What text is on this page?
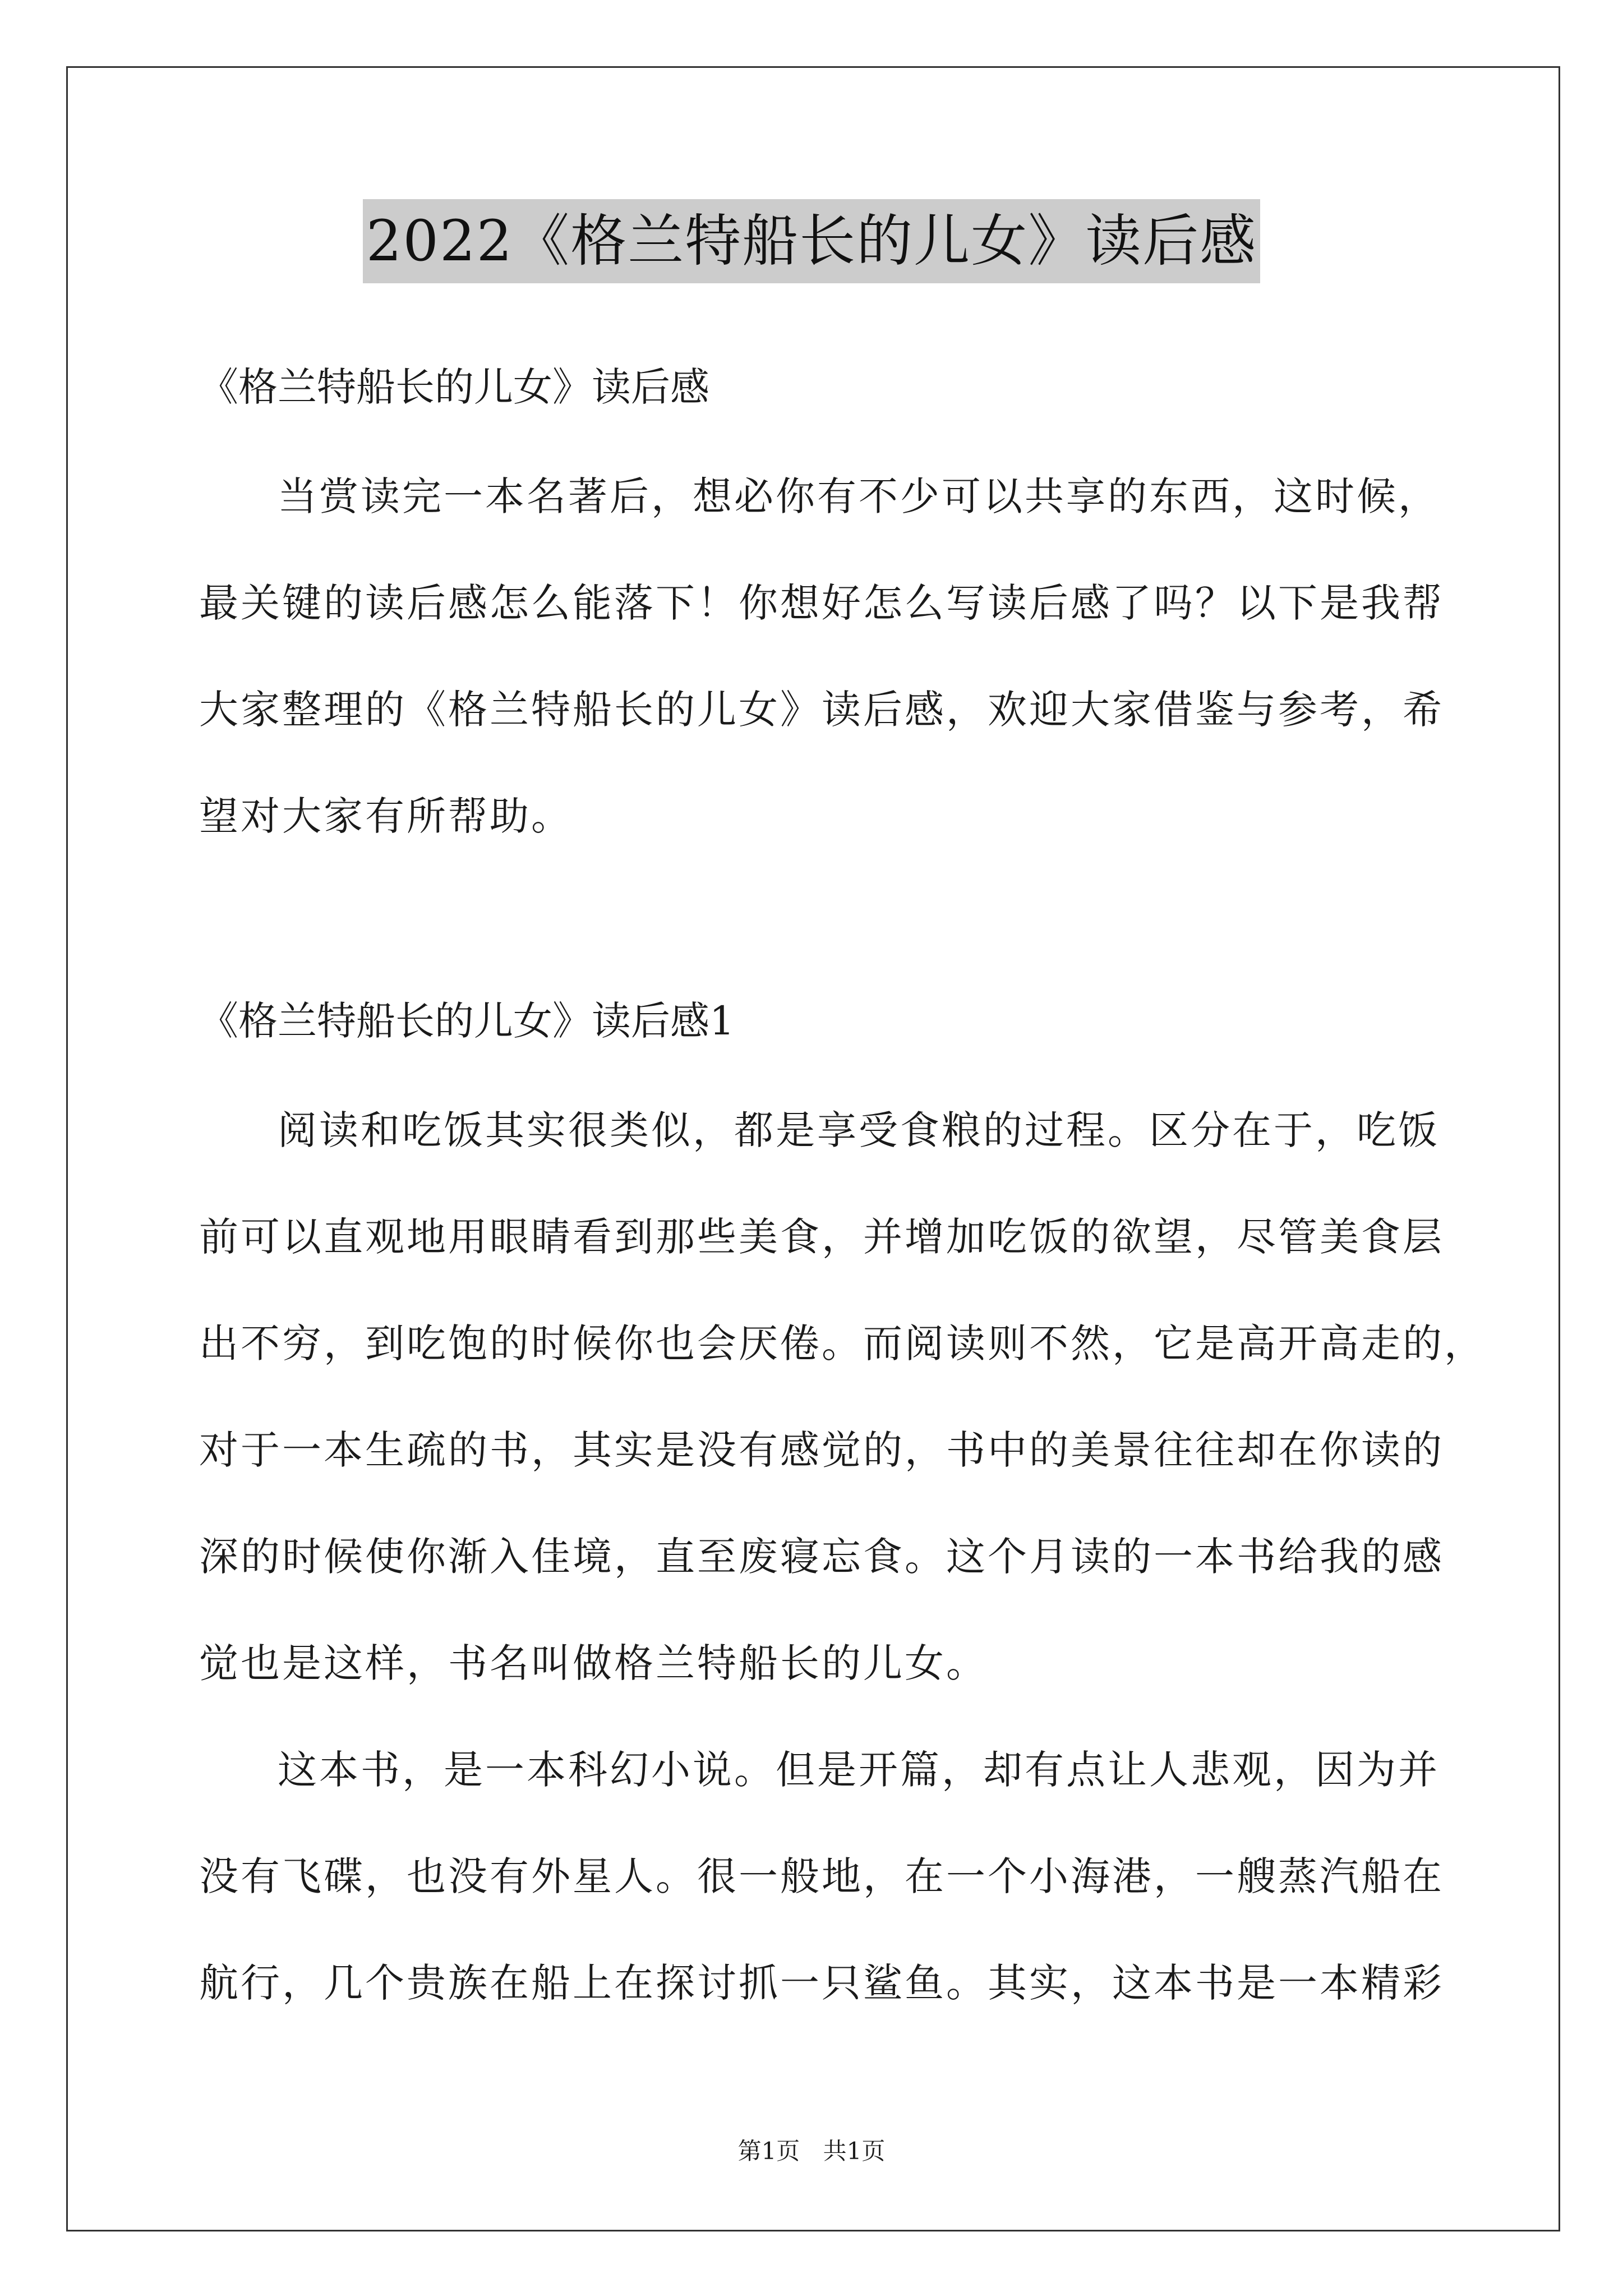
2022《格兰特船长的儿女》读后感
《格兰特船长的儿女》读后感

当赏读完一本名著后，想必你有不少可以共享的东西，这时候，

最关键的读后感怎么能落下！你想好怎么写读后感了吗？以下是我帮

大家整理的《格兰特船长的儿女》读后感，欢迎大家借鉴与参考，希

望对大家有所帮助。

《格兰特船长的儿女》读后感1

阅读和吃饭其实很类似，都是享受食粮的过程。区分在于，吃饭

前可以直观地用眼睛看到那些美食，并增加吃饭的欲望，尽管美食层

出不穷，到吃饱的时候你也会厌倦。而阅读则不然，它是高开高走的，

对于一本生疏的书，其实是没有感觉的，书中的美景往往却在你读的

深的时候使你渐入佳境，直至废寝忘食。这个月读的一本书给我的感

觉也是这样，书名叫做格兰特船长的儿女。

这本书，是一本科幻小说。但是开篇，却有点让人悲观，因为并

没有飞碟，也没有外星人。很一般地，在一个小海港，一艘蒸汽船在

航行，几个贵族在船上在探讨抓一只鲨鱼。其实，这本书是一本精彩

第1页 共1页
